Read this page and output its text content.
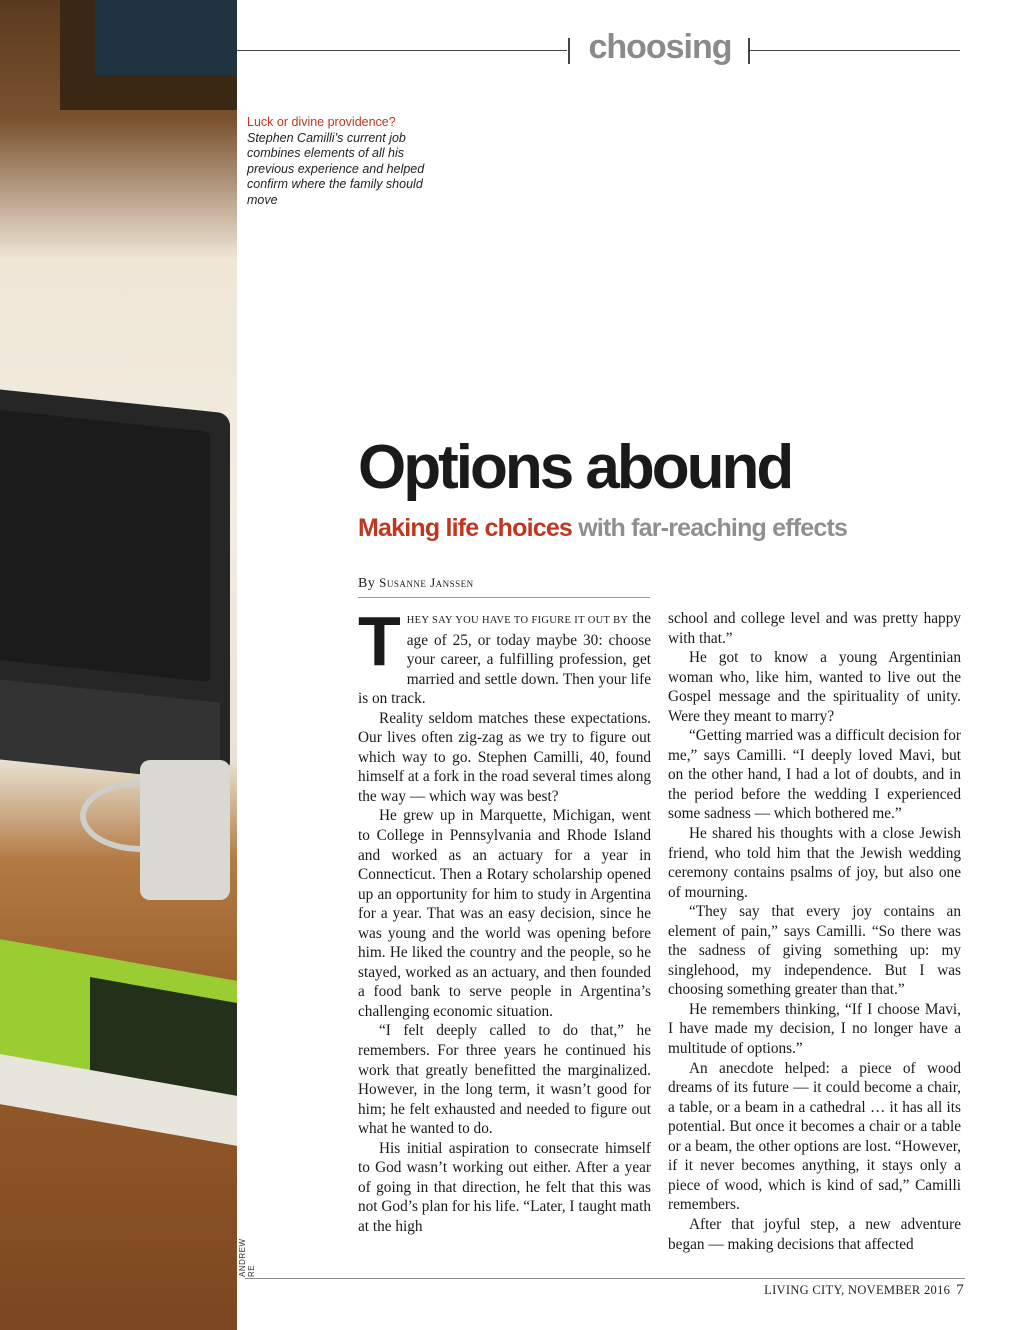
ANDREW RE
choosing
Luck or divine providence?
Stephen Camilli’s current job combines elements of all his previous experience and helped confirm where the family should move
Options abound
Making life choices with far-reaching effects
By Susanne Janssen

THEY SAY YOU HAVE TO FIGURE IT OUT BY the age of 25, or today maybe 30: choose your career, a fulfilling profession, get married and settle down. Then your life is on track.

Reality seldom matches these expectations. Our lives often zig-zag as we try to figure out which way to go. Stephen Camilli, 40, found himself at a fork in the road several times along the way — which way was best?

He grew up in Marquette, Michigan, went to College in Pennsylvania and Rhode Island and worked as an actuary for a year in Connecticut. Then a Rotary scholarship opened up an opportunity for him to study in Argentina for a year. That was an easy decision, since he was young and the world was opening before him. He liked the country and the people, so he stayed, worked as an actuary, and then founded a food bank to serve people in Argentina’s challenging economic situation.

“I felt deeply called to do that,” he remembers. For three years he continued his work that greatly benefitted the marginalized. However, in the long term, it wasn’t good for him; he felt exhausted and needed to figure out what he wanted to do.

His initial aspiration to consecrate himself to God wasn’t working out either. After a year of going in that direction, he felt that this was not God’s plan for his life. “Later, I taught math at the high

school and college level and was pretty happy with that.”

He got to know a young Argentinian woman who, like him, wanted to live out the Gospel message and the spirituality of unity. Were they meant to marry?

“Getting married was a difficult decision for me,” says Camilli. “I deeply loved Mavi, but on the other hand, I had a lot of doubts, and in the period before the wedding I experienced some sadness — which bothered me.”

He shared his thoughts with a close Jewish friend, who told him that the Jewish wedding ceremony contains psalms of joy, but also one of mourning.

“They say that every joy contains an element of pain,” says Camilli. “So there was the sadness of giving something up: my singlehood, my independence. But I was choosing something greater than that.”

He remembers thinking, “If I choose Mavi, I have made my decision, I no longer have a multitude of options.”

An anecdote helped: a piece of wood dreams of its future — it could become a chair, a table, or a beam in a cathedral … it has all its potential. But once it becomes a chair or a table or a beam, the other options are lost. “However, if it never becomes anything, it stays only a piece of wood, which is kind of sad,” Camilli remembers.

After that joyful step, a new adventure began — making decisions that affected

LIVING CITY, NOVEMBER 2016 7
